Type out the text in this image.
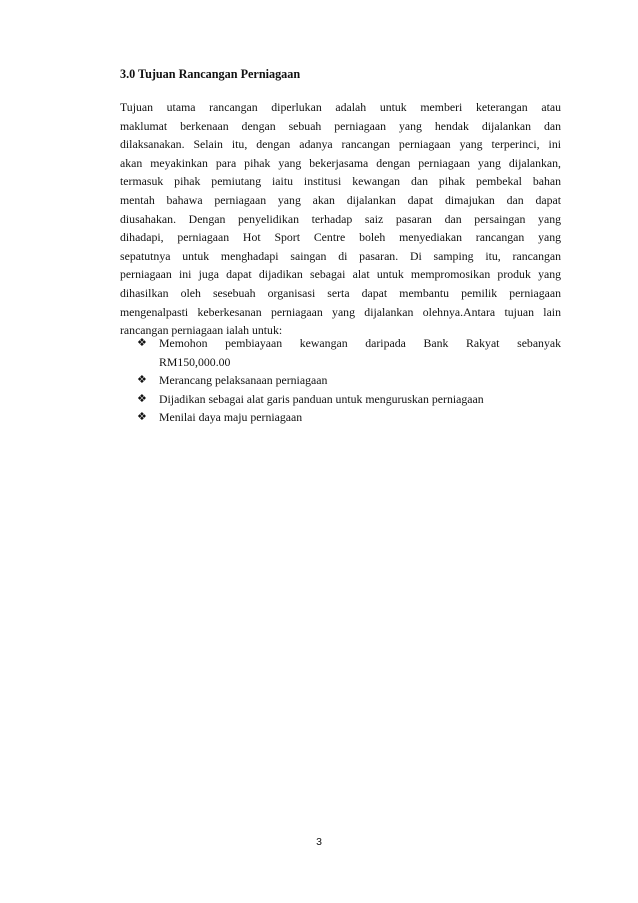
3.0 Tujuan Rancangan Perniagaan
Tujuan utama rancangan diperlukan adalah untuk memberi keterangan atau
maklumat berkenaan dengan sebuah perniagaan yang hendak dijalankan dan
dilaksanakan. Selain itu, dengan adanya rancangan perniagaan yang terperinci, ini
akan meyakinkan para pihak yang bekerjasama dengan perniagaan yang dijalankan,
termasuk pihak pemiutang iaitu institusi kewangan dan pihak pembekal bahan
mentah bahawa perniagaan yang akan dijalankan dapat dimajukan dan dapat
diusahakan. Dengan penyelidikan terhadap saiz pasaran dan persaingan yang
dihadapi, perniagaan Hot Sport Centre boleh menyediakan rancangan yang
sepatutnya untuk menghadapi saingan di pasaran. Di samping itu, rancangan
perniagaan ini juga dapat dijadikan sebagai alat untuk mempromosikan produk yang
dihasilkan oleh sesebuah organisasi serta dapat membantu pemilik perniagaan
mengenalpasti keberkesanan perniagaan yang dijalankan olehnya.Antara tujuan lain
rancangan perniagaan ialah untuk:
❖ Memohon pembiayaan kewangan daripada Bank Rakyat sebanyak
RM150,000.00
❖ Merancang pelaksanaan perniagaan
❖ Dijadikan sebagai alat garis panduan untuk menguruskan perniagaan
❖ Menilai daya maju perniagaan
3
